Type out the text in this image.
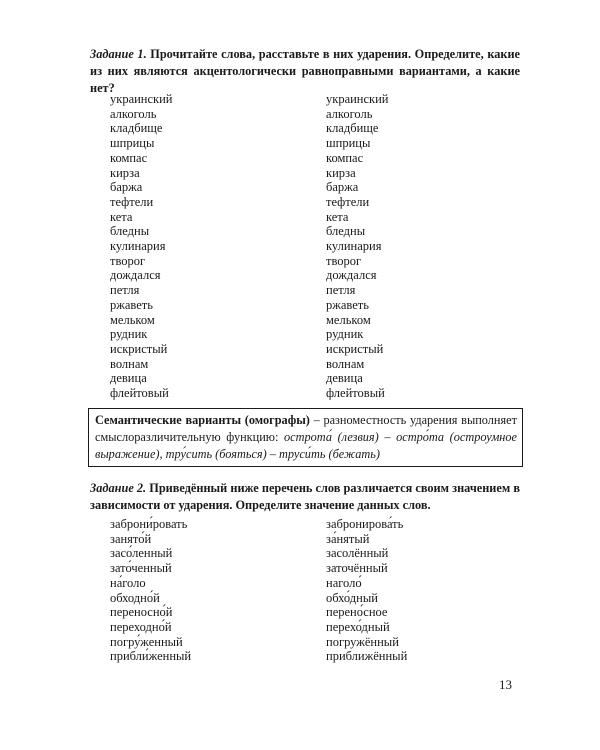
Задание 1. Прочитайте слова, расставьте в них ударения. Определите, какие из них являются акцентологически равноправными вариантами, а какие нет?
украинский
алкоголь
кладбище
шприцы
компас
кирза
баржа
тефтели
кета
бледны
кулинария
творог
дождался
петля
ржаветь
мельком
рудник
искристый
волнам
девица
флейтовый
украинский
алкоголь
кладбище
шприцы
компас
кирза
баржа
тефтели
кета
бледны
кулинария
творог
дождался
петля
ржаветь
мельком
рудник
искристый
волнам
девица
флейтовый
Семантические варианты (омографы) – разноместность ударения выполняет смыслоразличительную функцию: острота́ (лезвия) – остро́та (остроумное выражение), тру́сить (бояться) – труси́ть (бежать)
Задание 2. Приведённый ниже перечень слов различается своим значением в зависимости от ударения. Определите значение данных слов.
заброни́ровать
занято́й
засо́ленный
зато́ченный
на́голо
обходно́й
переносно́й
переходно́й
погру́женный
прибли́женный
забронирова́ть
за́нятый
засолённый
заточённый
наголо́
обхо́дный
перено́сное
перехо́дный
погружённый
приближённый
13
